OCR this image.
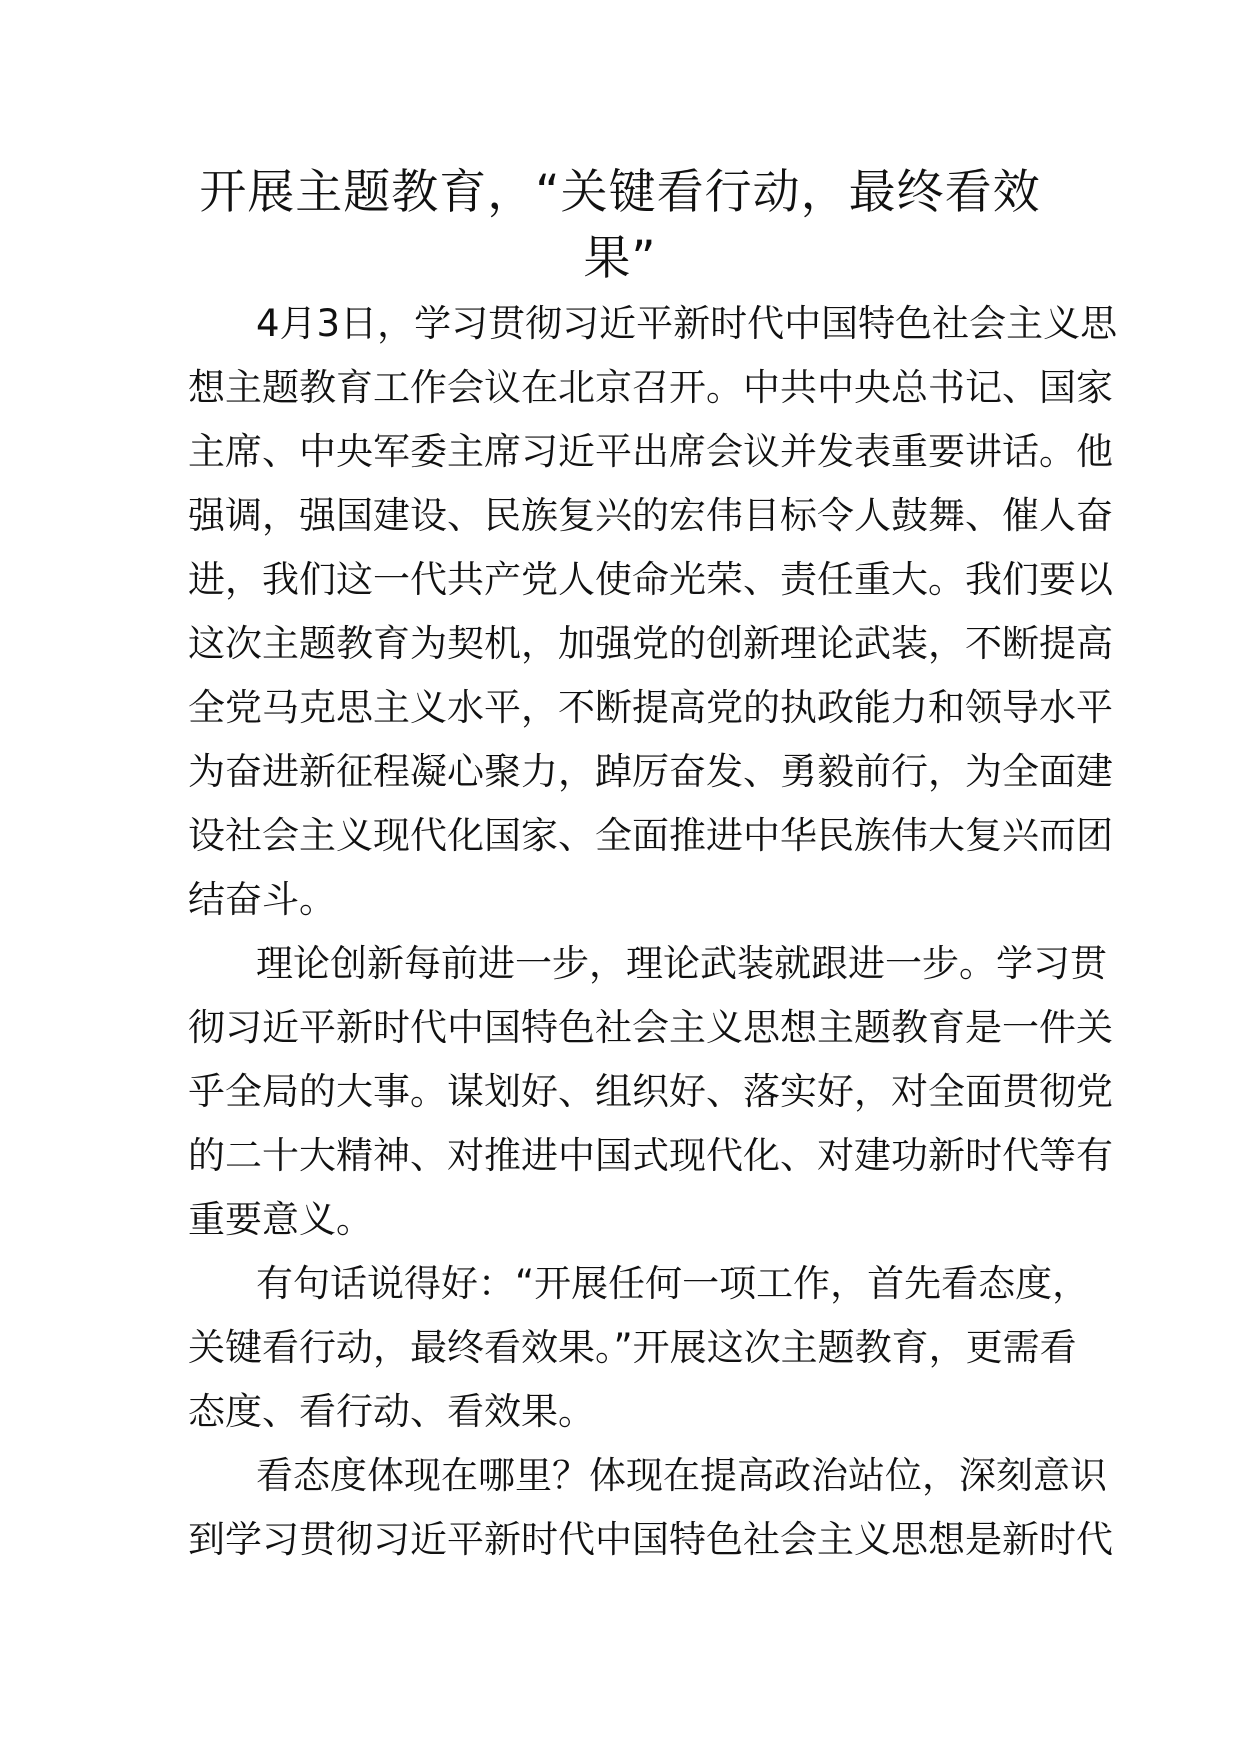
开展主题教育，“关键看行动，最终看效
果”
4月3日，学习贯彻习近平新时代中国特色社会主义思
想主题教育工作会议在北京召开。中共中央总书记、国家
主席、中央军委主席习近平出席会议并发表重要讲话。他
强调，强国建设、民族复兴的宏伟目标令人鼓舞、催人奋
进，我们这一代共产党人使命光荣、责任重大。我们要以
这次主题教育为契机，加强党的创新理论武装，不断提高
全党马克思主义水平，不断提高党的执政能力和领导水平
为奋进新征程凝心聚力，踔厉奋发、勇毅前行，为全面建
设社会主义现代化国家、全面推进中华民族伟大复兴而团
结奋斗。
理论创新每前进一步，理论武装就跟进一步。学习贯
彻习近平新时代中国特色社会主义思想主题教育是一件关
乎全局的大事。谋划好、组织好、落实好，对全面贯彻党
的二十大精神、对推进中国式现代化、对建功新时代等有
重要意义。
有句话说得好：“开展任何一项工作，首先看态度，
关键看行动，最终看效果。”开展这次主题教育，更需看
态度、看行动、看效果。
看态度体现在哪里？体现在提高政治站位，深刻意识
到学习贯彻习近平新时代中国特色社会主义思想是新时代
